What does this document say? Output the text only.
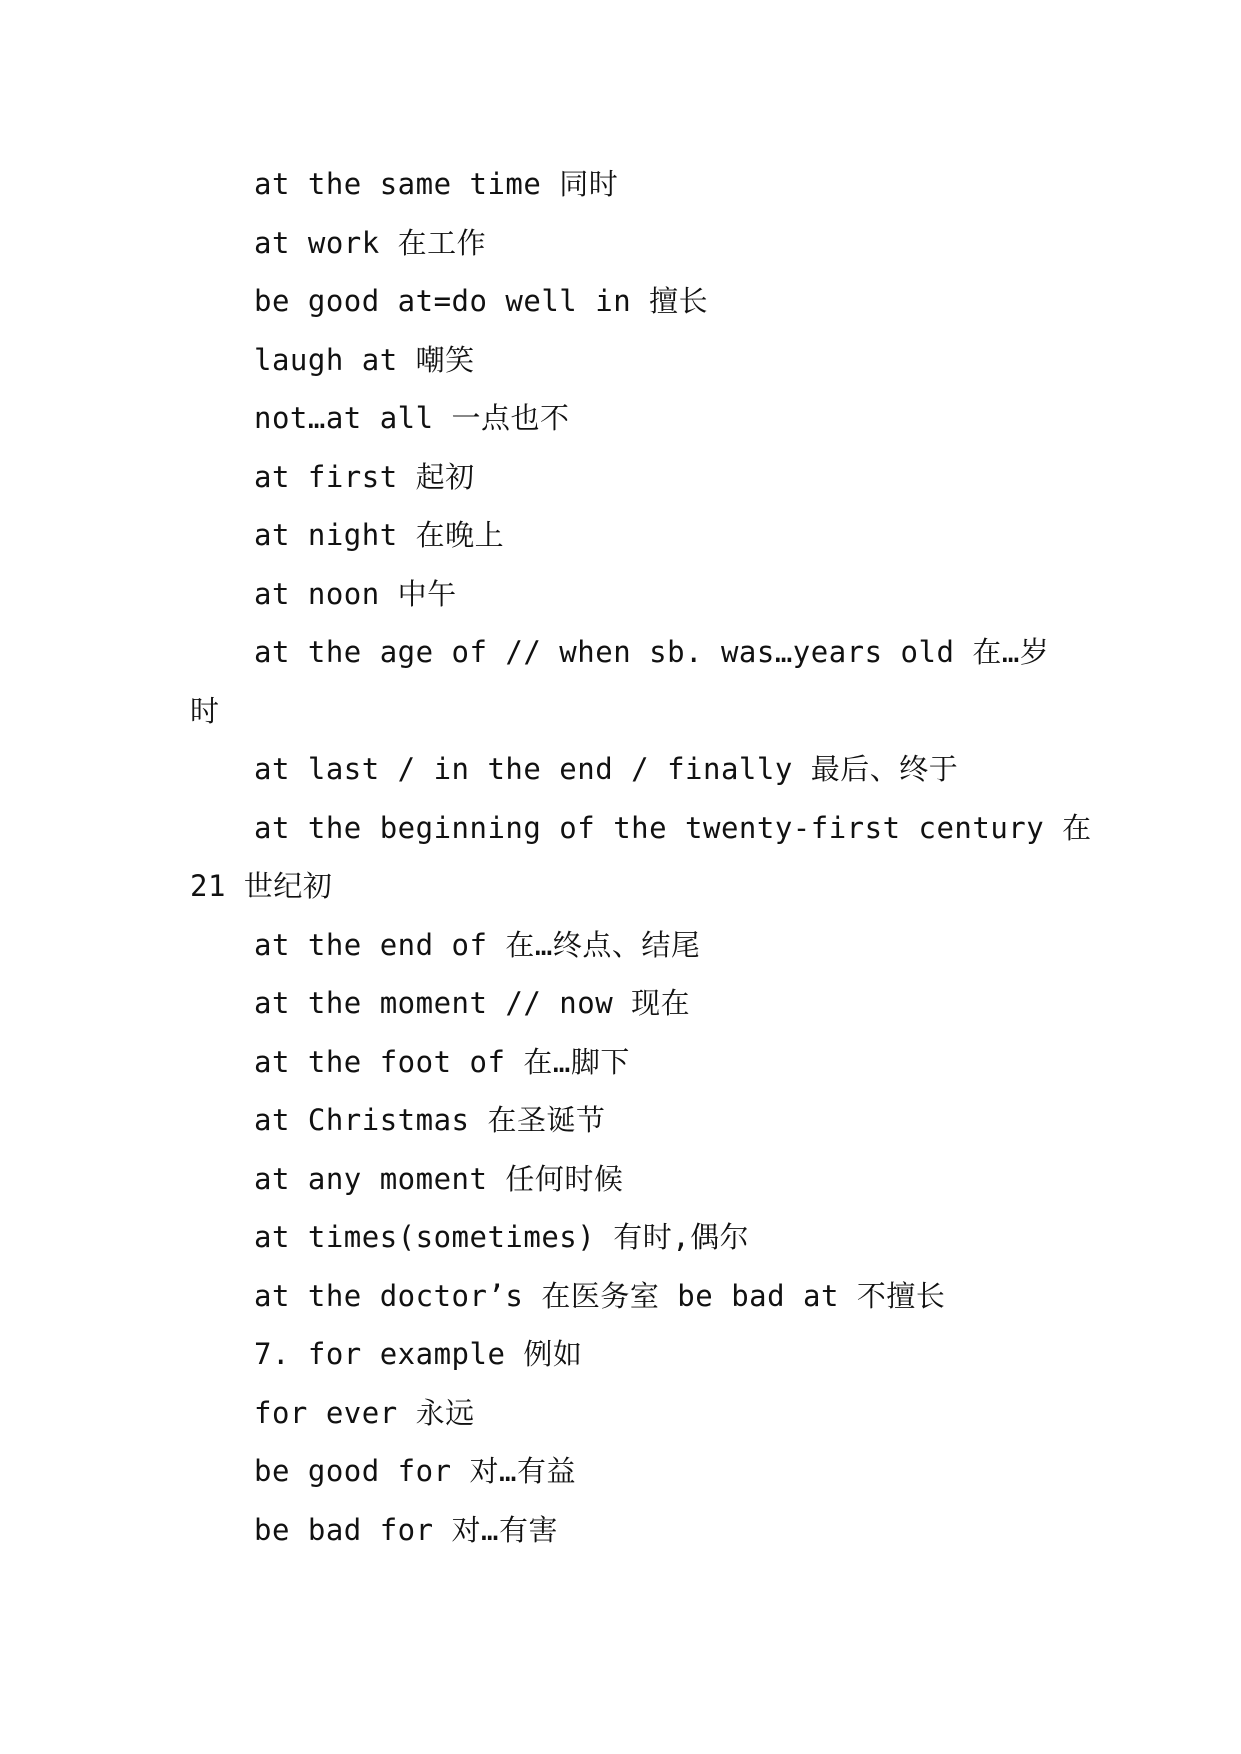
at the same time 同时
at work 在工作
be good at=do well in 擅长
laugh at 嘲笑
not…at all 一点也不
at first 起初
at night 在晚上
at noon 中午
at the age of // when sb. was…years old 在…岁
时
at last / in the end / finally 最后、终于
at the beginning of the twenty-first century 在
21 世纪初
at the end of 在…终点、结尾
at the moment // now 现在
at the foot of 在…脚下
at Christmas 在圣诞节
at any moment 任何时候
at times(sometimes) 有时,偶尔
at the doctor’s 在医务室 be bad at 不擅长
7. for example 例如
for ever 永远
be good for 对…有益
be bad for 对…有害
